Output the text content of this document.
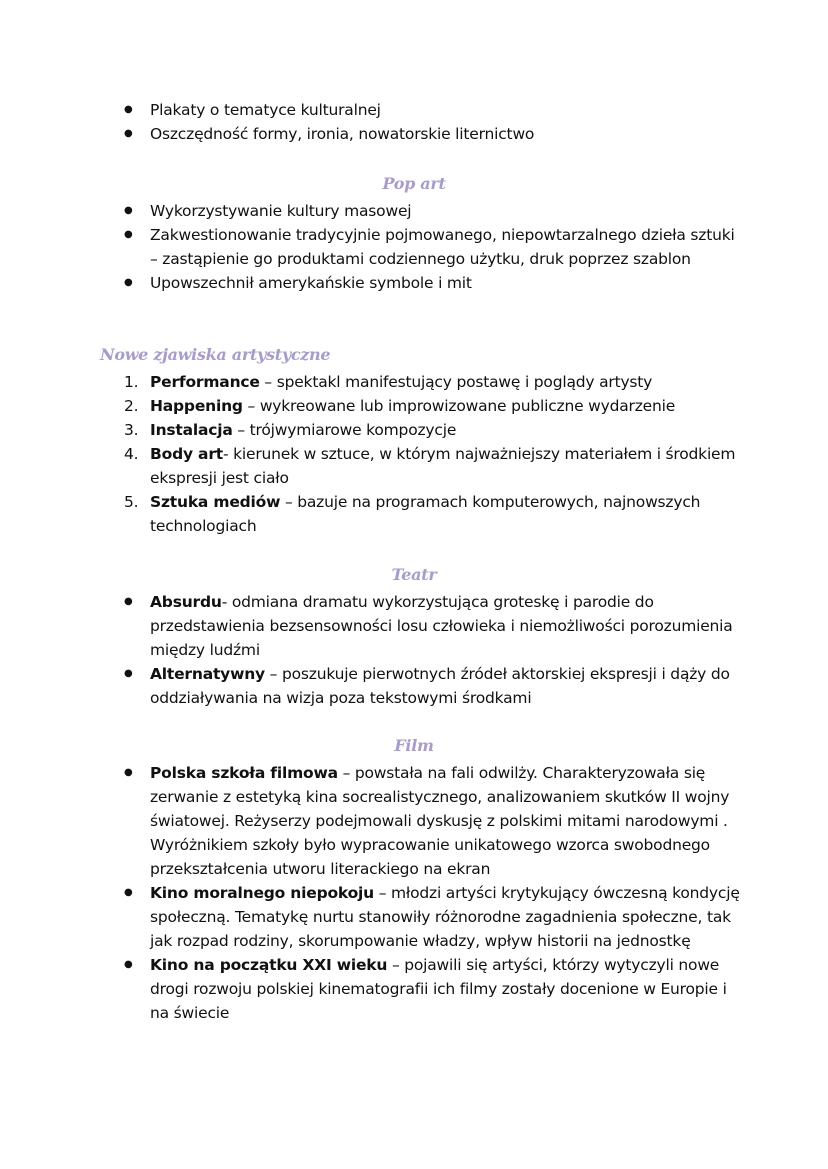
● Plakaty o tematyce kulturalnej
● Oszczędność formy, ironia, nowatorskie liternictwo
Pop art
● Wykorzystywanie kultury masowej
● Zakwestionowanie tradycyjnie pojmowanego, niepowtarzalnego dzieła sztuki – zastąpienie go produktami codziennego użytku, druk poprzez szablon
● Upowszechnił amerykańskie symbole i mit
Nowe zjawiska artystyczne
1. Performance – spektakl manifestujący postawę i poglądy artysty
2. Happening – wykreowane lub improwizowane publiczne wydarzenie
3. Instalacja – trójwymiarowe kompozycje
4. Body art- kierunek w sztuce, w którym najważniejszy materiałem i środkiem ekspresji jest ciało
5. Sztuka mediów – bazuje na programach komputerowych, najnowszych technologiach
Teatr
● Absurdu- odmiana dramatu wykorzystująca groteskę i parodie do przedstawienia bezsensowności losu człowieka i niemożliwości porozumienia między ludźmi
● Alternatywny – poszukuje pierwotnych źródeł aktorskiej ekspresji i dąży do oddziaływania na wizja poza tekstowymi środkami
Film
● Polska szkoła filmowa – powstała na fali odwilży. Charakteryzowała się zerwanie z estetyką kina socrealistycznego, analizowaniem skutków II wojny światowej. Reżyserzy podejmowali dyskusję z polskimi mitami narodowymi . Wyróżnikiem szkoły było wypracowanie unikatowego wzorca swobodnego przekształcenia utworu literackiego na ekran
● Kino moralnego niepokoju – młodzi artyści krytykujący ówczesną kondycję społeczną. Tematykę nurtu stanowiły różnorodne zagadnienia społeczne, tak jak rozpad rodziny, skorumpowanie władzy, wpływ historii na jednostkę
● Kino na początku XXI wieku – pojawili się artyści, którzy wytyczyli nowe drogi rozwoju polskiej kinematografii ich filmy zostały docenione w Europie i na świecie
